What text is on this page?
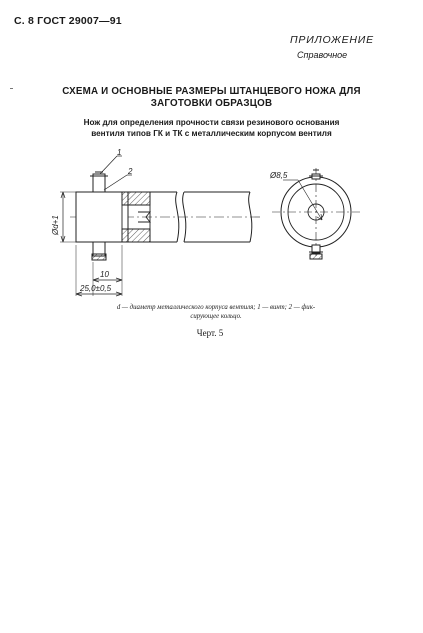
С. 8 ГОСТ 29007—91
ПРИЛОЖЕНИЕ
Справочное
СХЕМА И ОСНОВНЫЕ РАЗМЕРЫ ШТАНЦЕВОГО НОЖА ДЛЯ
ЗАГОТОВКИ ОБРАЗЦОВ
Нож для определения прочности связи резинового основания
вентиля типов ГК и ТК с металлическим корпусом вентиля
1
2
Ød+1
10
25,0±0,5
Ø8,5
d — диаметр металлического корпуса вентиля; 1 — винт; 2 — фик-
сирующее кольцо.
Черт. 5
